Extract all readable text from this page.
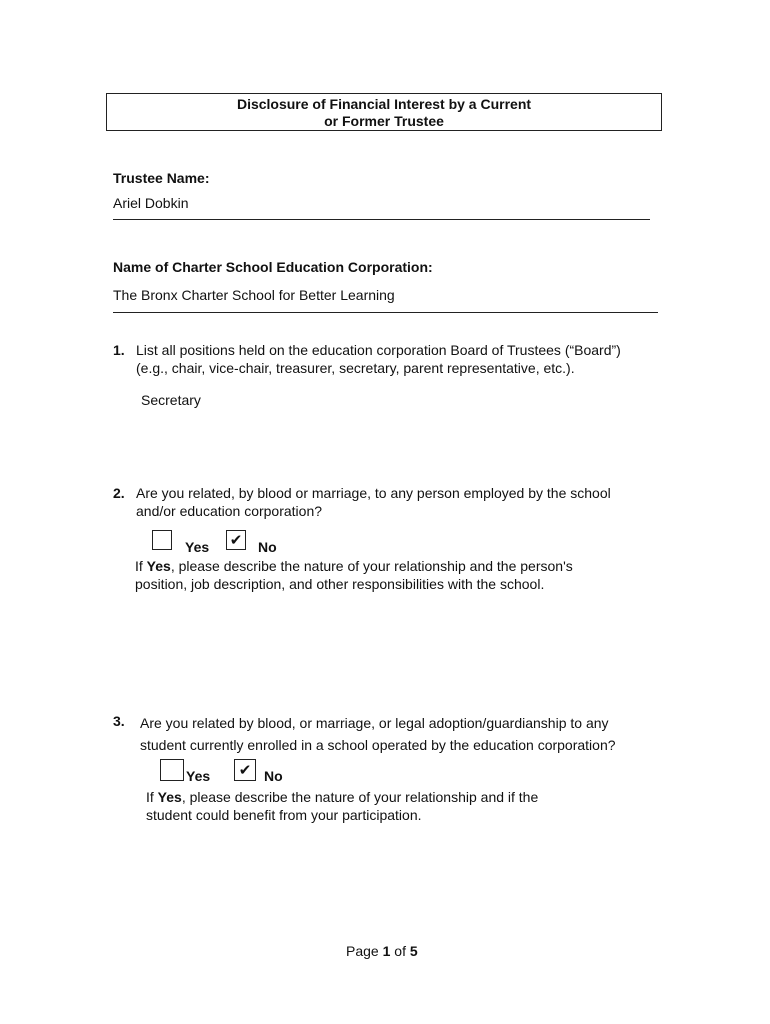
Disclosure of Financial Interest by a Current
or Former Trustee
Trustee Name:
Ariel Dobkin
Name of Charter School Education Corporation:
The Bronx Charter School for Better Learning
1. List all positions held on the education corporation Board of Trustees (“Board”)
(e.g., chair, vice-chair, treasurer, secretary, parent representative, etc.).
Secretary
2. Are you related, by blood or marriage, to any person employed by the school
and/or education corporation?
Yes ✔ No
If Yes, please describe the nature of your relationship and the person's
position, job description, and other responsibilities with the school.
3. Are you related by blood, or marriage, or legal adoption/guardianship to any
student currently enrolled in a school operated by the education corporation?
Yes	✔ No
If Yes, please describe the nature of your relationship and if the
student could benefit from your participation.
Page 1 of 5
